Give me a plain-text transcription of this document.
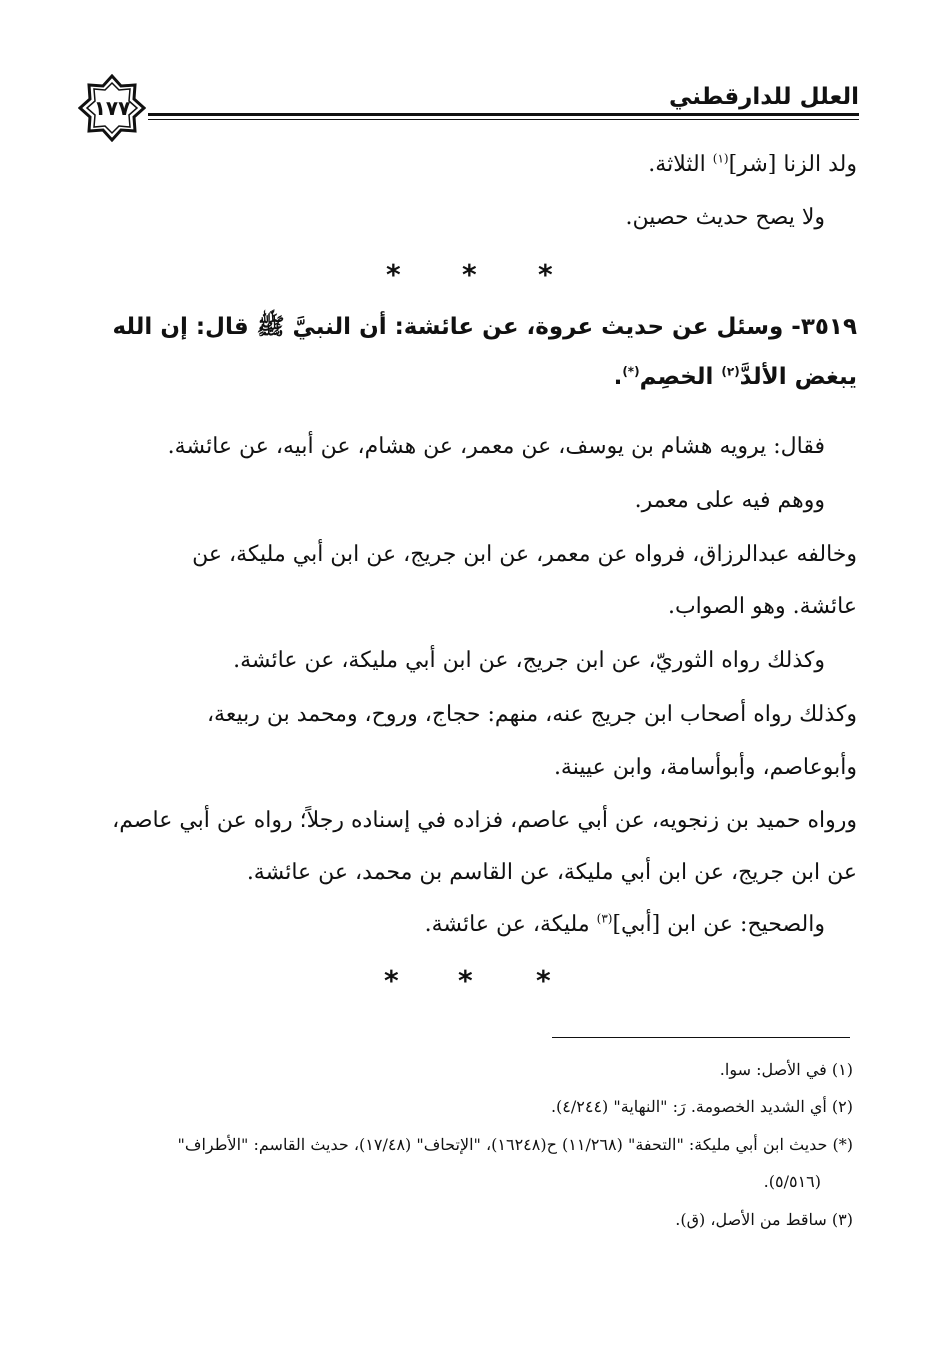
العلل للدارقطني
١٧٧
ولد الزنا [شر]$^{(١)}$ الثلاثة.
ولا يصح حديث حصين.
* * *
٣٥١٩- وسئل عن حديث عروة، عن عائشة: أن النبيَّ ﷺ قال: إن الله
يبغض الألدَّ$^{(٢)}$ الخصِم(*).
فقال: يرويه هشام بن يوسف، عن معمر، عن هشام، عن أبيه، عن عائشة.
ووهم فيه على معمر.
وخالفه عبدالرزاق، فرواه عن معمر، عن ابن جريج، عن ابن أبي مليكة، عن
عائشة. وهو الصواب.
وكذلك رواه الثوريّ، عن ابن جريج، عن ابن أبي مليكة، عن عائشة.
وكذلك رواه أصحاب ابن جريج عنه، منهم: حجاج، وروح، ومحمد بن ربيعة،
وأبوعاصم، وأبوأسامة، وابن عيينة.
ورواه حميد بن زنجويه، عن أبي عاصم، فزاده في إسناده رجلاً؛ رواه عن أبي عاصم،
عن ابن جريج، عن ابن أبي مليكة، عن القاسم بن محمد، عن عائشة.
والصحيح: عن ابن [أبي]$^{(٣)}$ مليكة، عن عائشة.
* * *
(١) في الأصل: سوا.
(٢) أي الشديد الخصومة. رَ: "النهاية" (٤/٢٤٤).
(*) حديث ابن أبي مليكة: "التحفة" (١١/٢٦٨) ح(١٦٢٤٨)، "الإتحاف" (١٧/٤٨)، حديث القاسم: "الأطراف"
(٥/٥١٦).
(٣) ساقط من الأصل، (ق).
